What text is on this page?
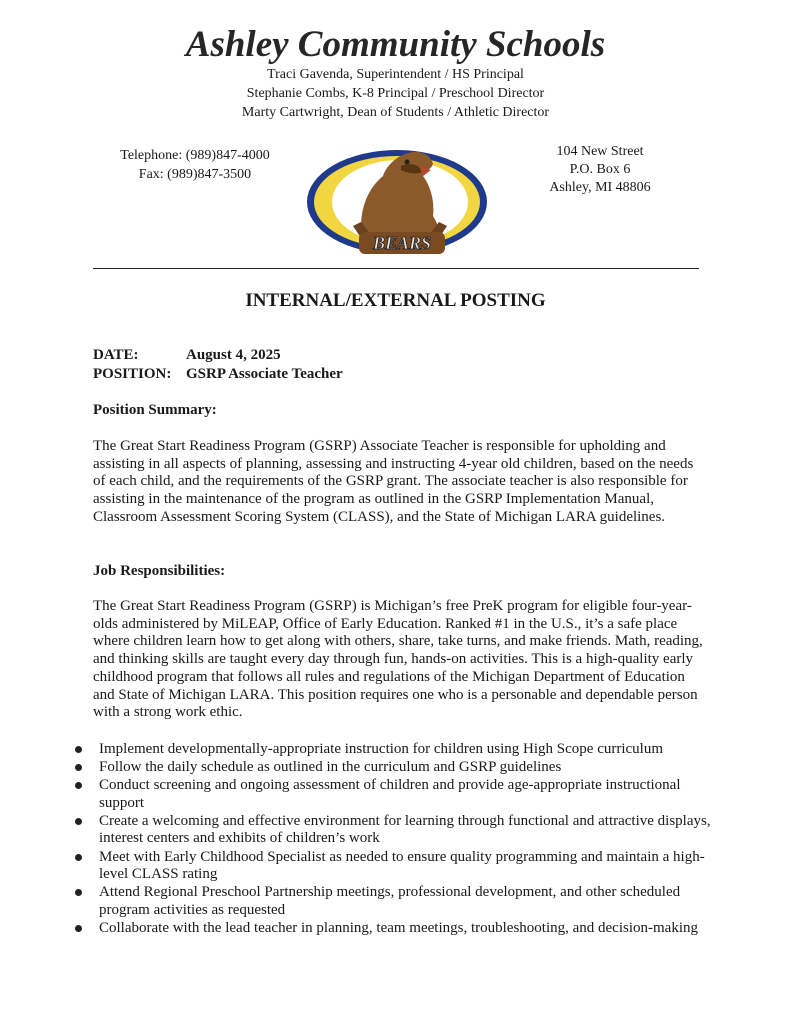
Ashley Community Schools
Traci Gavenda, Superintendent / HS Principal
Stephanie Combs, K-8 Principal / Preschool Director
Marty Cartwright, Dean of Students / Athletic Director
Telephone: (989)847-4000
Fax: (989)847-3500
BEARS
104 New Street
P.O. Box 6
Ashley, MI 48806
INTERNAL/EXTERNAL POSTING
DATE:	August 4, 2025
POSITION: GSRP Associate Teacher
Position Summary:
The Great Start Readiness Program (GSRP) Associate Teacher is responsible for upholding and assisting in all aspects of planning, assessing and instructing 4-year old children, based on the needs of each child, and the requirements of the GSRP grant. The associate teacher is also responsible for assisting in the maintenance of the program as outlined in the GSRP Implementation Manual, Classroom Assessment Scoring System (CLASS), and the State of Michigan LARA guidelines.
Job Responsibilities:
The Great Start Readiness Program (GSRP) is Michigan’s free PreK program for eligible four-year-olds administered by MiLEAP, Office of Early Education. Ranked #1 in the U.S., it’s a safe place where children learn how to get along with others, share, take turns, and make friends. Math, reading, and thinking skills are taught every day through fun, hands-on activities. This is a high-quality early childhood program that follows all rules and regulations of the Michigan Department of Education and State of Michigan LARA. This position requires one who is a personable and dependable person with a strong work ethic.
Implement developmentally-appropriate instruction for children using High Scope curriculum
Follow the daily schedule as outlined in the curriculum and GSRP guidelines
Conduct screening and ongoing assessment of children and provide age-appropriate instructional support
Create a welcoming and effective environment for learning through functional and attractive displays, interest centers and exhibits of children’s work
Meet with Early Childhood Specialist as needed to ensure quality programming and maintain a high-level CLASS rating
Attend Regional Preschool Partnership meetings, professional development, and other scheduled program activities as requested
Collaborate with the lead teacher in planning, team meetings, troubleshooting, and decision-making
